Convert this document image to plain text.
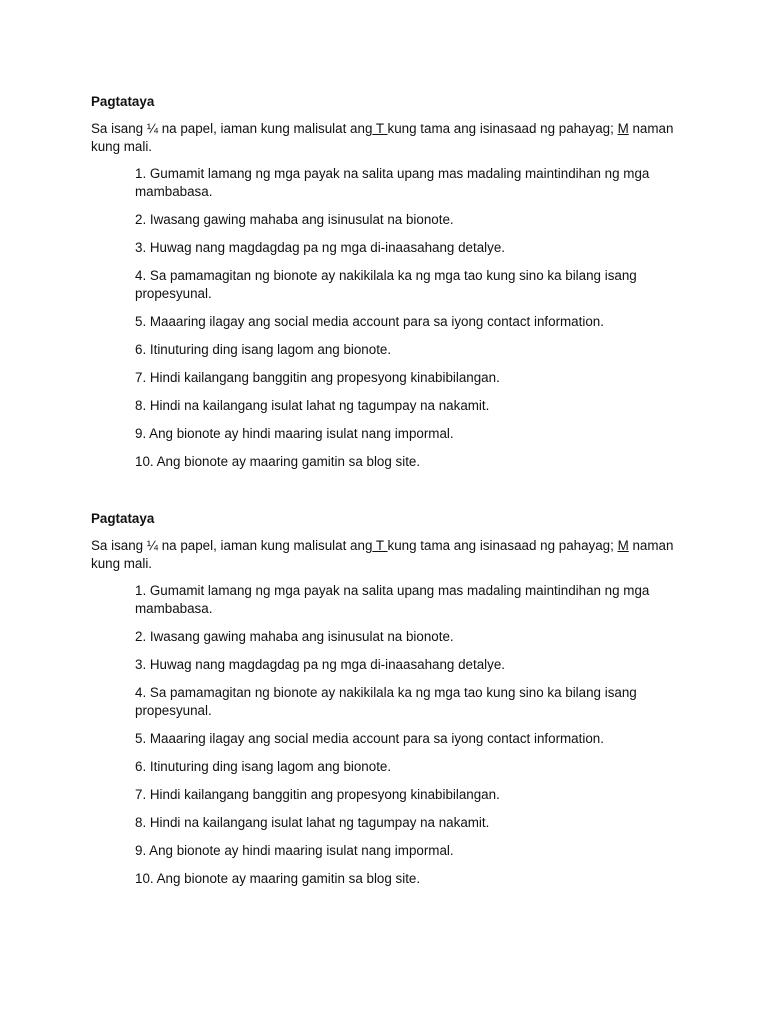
Pagtataya
Sa isang ¼ na papel, iaman kung malisulat ang T kung tama ang isinasaad ng pahayag; M naman kung mali.
1. Gumamit lamang ng mga payak na salita upang mas madaling maintindihan ng mga mambabasa.
2. Iwasang gawing mahaba ang isinusulat na bionote.
3. Huwag nang magdagdag pa ng mga di-inaasahang detalye.
4. Sa pamamagitan ng bionote ay nakikilala ka ng mga tao kung sino ka bilang isang propesyunal.
5. Maaaring ilagay ang social media account para sa iyong contact information.
6. Itinuturing ding isang lagom ang bionote.
7. Hindi kailangang banggitin ang propesyong kinabibilangan.
8. Hindi na kailangang isulat lahat ng tagumpay na nakamit.
9. Ang bionote ay hindi maaring isulat nang impormal.
10. Ang bionote ay maaring gamitin sa blog site.
Pagtataya
Sa isang ¼ na papel, iaman kung malisulat ang T kung tama ang isinasaad ng pahayag; M naman kung mali.
1. Gumamit lamang ng mga payak na salita upang mas madaling maintindihan ng mga mambabasa.
2. Iwasang gawing mahaba ang isinusulat na bionote.
3. Huwag nang magdagdag pa ng mga di-inaasahang detalye.
4. Sa pamamagitan ng bionote ay nakikilala ka ng mga tao kung sino ka bilang isang propesyunal.
5. Maaaring ilagay ang social media account para sa iyong contact information.
6. Itinuturing ding isang lagom ang bionote.
7. Hindi kailangang banggitin ang propesyong kinabibilangan.
8. Hindi na kailangang isulat lahat ng tagumpay na nakamit.
9. Ang bionote ay hindi maaring isulat nang impormal.
10. Ang bionote ay maaring gamitin sa blog site.
